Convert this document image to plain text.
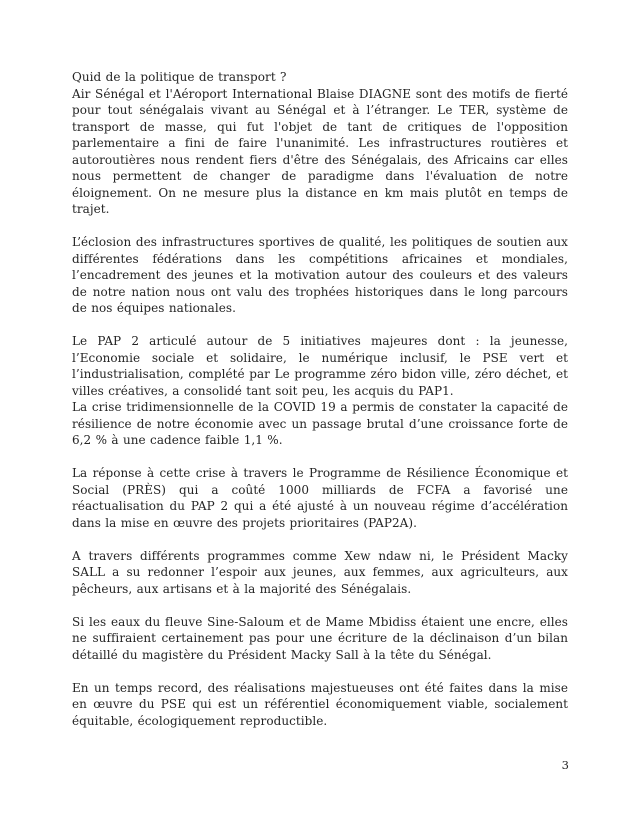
Quid de la politique de transport ?

Air Sénégal et l'Aéroport International Blaise DIAGNE sont des motifs de fierté pour tout sénégalais vivant au Sénégal et à l’étranger. Le TER, système de transport de masse, qui fut l'objet de tant de critiques de l'opposition parlementaire a fini de faire l'unanimité. Les infrastructures routières et autoroutières nous rendent fiers d'être des Sénégalais, des Africains car elles nous permettent de changer de paradigme dans l'évaluation de notre éloignement. On ne mesure plus la distance en km mais plutôt en temps de trajet.

L’éclosion des infrastructures sportives de qualité, les politiques de soutien aux différentes fédérations dans les compétitions africaines et mondiales, l’encadrement des jeunes et la motivation autour des couleurs et des valeurs de notre nation nous ont valu des trophées historiques dans le long parcours de nos équipes nationales.

Le PAP 2 articulé autour de 5 initiatives majeures dont : la jeunesse, l’Economie sociale et solidaire, le numérique inclusif, le PSE vert et l’industrialisation, complété par Le programme zéro bidon ville, zéro déchet, et villes créatives, a consolidé tant soit peu, les acquis du PAP1.

La crise tridimensionnelle de la COVID 19 a permis de constater la capacité de résilience de notre économie avec un passage brutal d’une croissance forte de 6,2 % à une cadence faible 1,1 %.

La réponse à cette crise à travers le Programme de Résilience Économique et Social (PRÈS) qui a coûté 1000 milliards de FCFA a favorisé une réactualisation du PAP 2 qui a été ajusté à un nouveau régime d’accélération dans la mise en œuvre des projets prioritaires (PAP2A).

A travers différents programmes comme Xew ndaw ni, le Président Macky SALL a su redonner l’espoir aux jeunes, aux femmes, aux agriculteurs, aux pêcheurs, aux artisans et à la majorité des Sénégalais.

Si les eaux du fleuve Sine-Saloum et de Mame Mbidiss étaient une encre, elles ne suffiraient certainement pas pour une écriture de la déclinaison d’un bilan détaillé du magistère du Président Macky Sall à la tête du Sénégal.

En un temps record, des réalisations majestueuses ont été faites dans la mise en œuvre du PSE qui est un référentiel économiquement viable, socialement équitable, écologiquement reproductible.

3
